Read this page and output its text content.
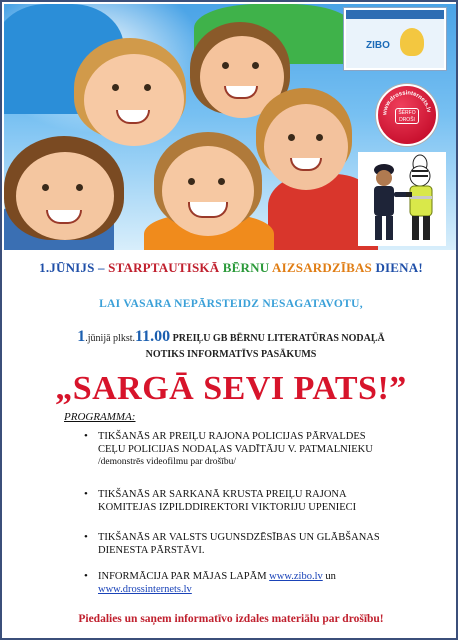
ZIBO
www.drossinternets.lv
ŠĒRFO DROŠI
1.JŪNIJS – STARPTAUTISKĀ BĒRNU AIZSARDZĪBAS DIENA!
LAI VASARA NEPĀRSTEIDZ NESAGATAVOTU,
1.jūnijā plkst.11.00 PREIĻU GB BĒRNU LITERATŪRAS NODAĻĀ
NOTIKS INFORMATĪVS PASĀKUMS
„SARGĀ SEVI PATS!”
PROGRAMMA:
• TIKŠANĀS AR PREIĻU RAJONA POLICIJAS PĀRVALDES
CEĻU POLICIJAS NODAĻAS VADĪTĀJU V. PATMALNIEKU
/demonstrēs videofilmu par drošību/
• TIKŠANĀS AR SARKANĀ KRUSTA PREIĻU RAJONA
KOMITEJAS IZPILDDIREKTORI VIKTORIJU UPENIECI
• TIKŠANĀS AR VALSTS UGUNSDZĒSĪBAS UN GLĀBŠANAS
DIENESTA PĀRSTĀVI.
• INFORMĀCIJA PAR MĀJAS LAPĀM www.zibo.lv un
www.drossinternets.lv
Piedalies un saņem informatīvo izdales materiālu par drošību!
